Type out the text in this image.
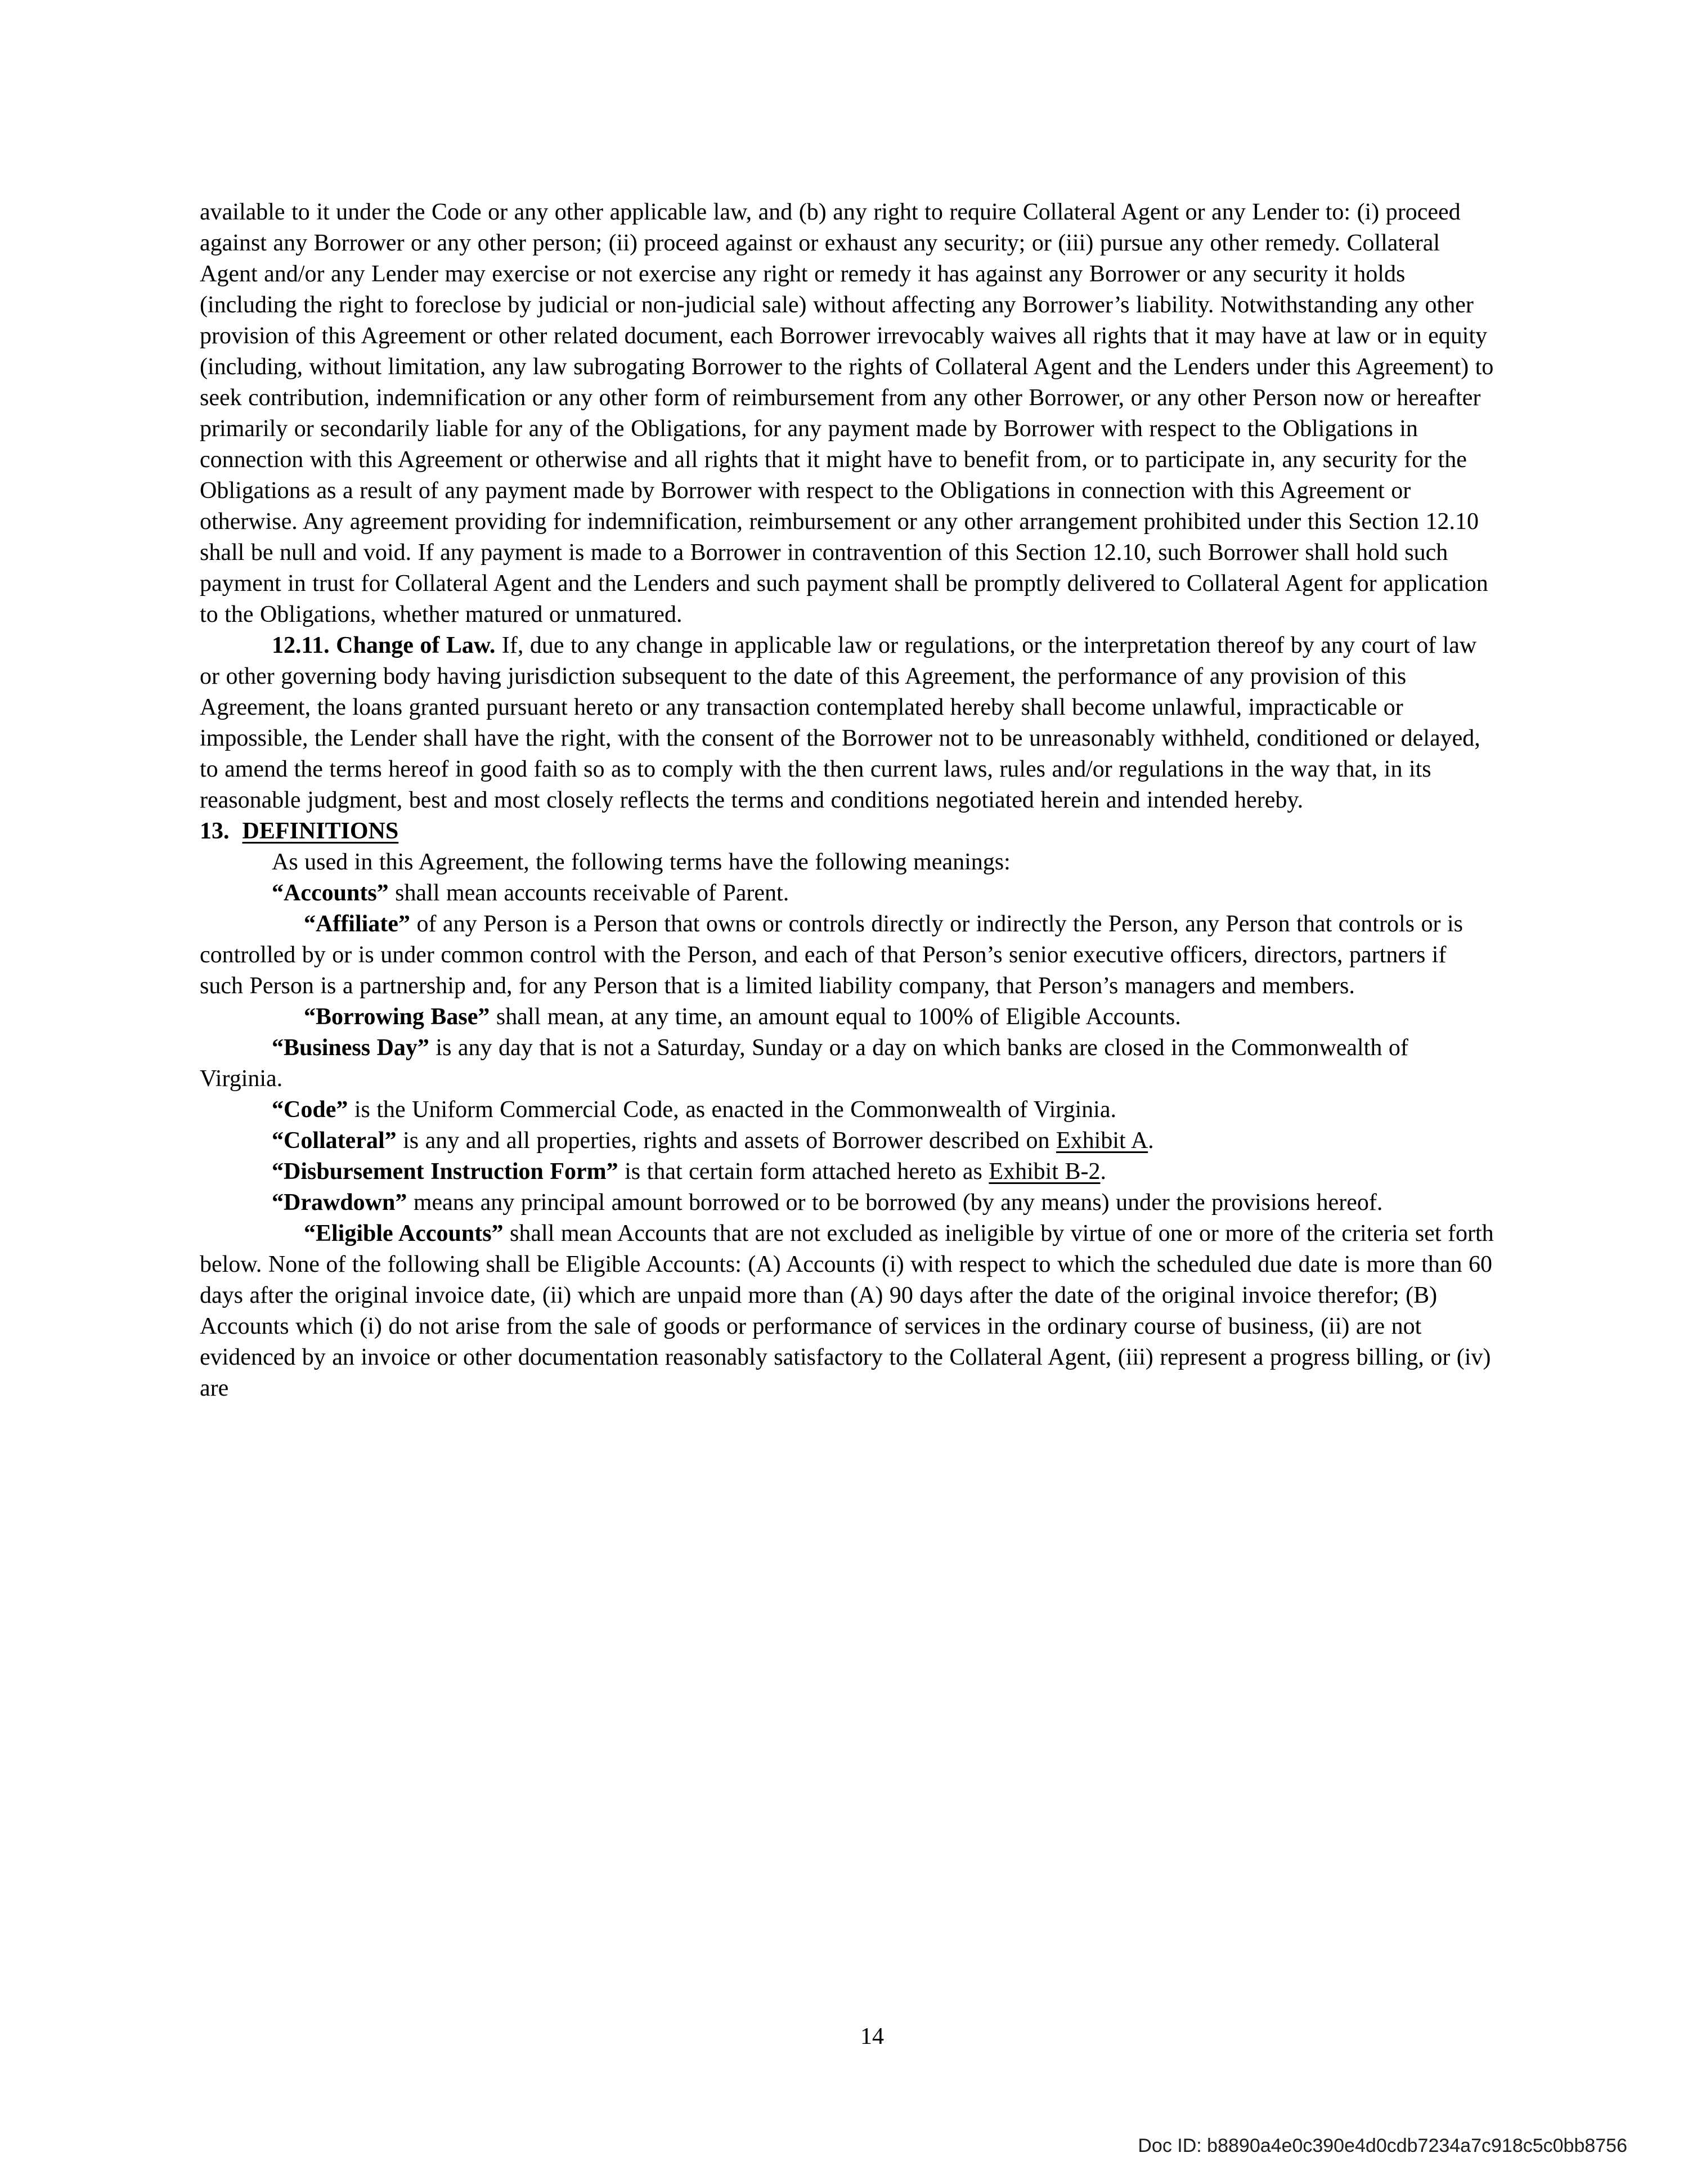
available to it under the Code or any other applicable law, and (b) any right to require Collateral Agent or any Lender to: (i) proceed against any Borrower or any other person; (ii) proceed against or exhaust any security; or (iii) pursue any other remedy. Collateral Agent and/or any Lender may exercise or not exercise any right or remedy it has against any Borrower or any security it holds (including the right to foreclose by judicial or non-judicial sale) without affecting any Borrower’s liability. Notwithstanding any other provision of this Agreement or other related document, each Borrower irrevocably waives all rights that it may have at law or in equity (including, without limitation, any law subrogating Borrower to the rights of Collateral Agent and the Lenders under this Agreement) to seek contribution, indemnification or any other form of reimbursement from any other Borrower, or any other Person now or hereafter primarily or secondarily liable for any of the Obligations, for any payment made by Borrower with respect to the Obligations in connection with this Agreement or otherwise and all rights that it might have to benefit from, or to participate in, any security for the Obligations as a result of any payment made by Borrower with respect to the Obligations in connection with this Agreement or otherwise. Any agreement providing for indemnification, reimbursement or any other arrangement prohibited under this Section 12.10 shall be null and void. If any payment is made to a Borrower in contravention of this Section 12.10, such Borrower shall hold such payment in trust for Collateral Agent and the Lenders and such payment shall be promptly delivered to Collateral Agent for application to the Obligations, whether matured or unmatured.

12.11. Change of Law. If, due to any change in applicable law or regulations, or the interpretation thereof by any court of law or other governing body having jurisdiction subsequent to the date of this Agreement, the performance of any provision of this Agreement, the loans granted pursuant hereto or any transaction contemplated hereby shall become unlawful, impracticable or impossible, the Lender shall have the right, with the consent of the Borrower not to be unreasonably withheld, conditioned or delayed, to amend the terms hereof in good faith so as to comply with the then current laws, rules and/or regulations in the way that, in its reasonable judgment, best and most closely reflects the terms and conditions negotiated herein and intended hereby.

13.  DEFINITIONS

As used in this Agreement, the following terms have the following meanings:

“Accounts” shall mean accounts receivable of Parent.

“Affiliate” of any Person is a Person that owns or controls directly or indirectly the Person, any Person that controls or is controlled by or is under common control with the Person, and each of that Person’s senior executive officers, directors, partners if such Person is a partnership and, for any Person that is a limited liability company, that Person’s managers and members.

“Borrowing Base” shall mean, at any time, an amount equal to 100% of Eligible Accounts.

“Business Day” is any day that is not a Saturday, Sunday or a day on which banks are closed in the Commonwealth of Virginia.

“Code” is the Uniform Commercial Code, as enacted in the Commonwealth of Virginia.

“Collateral” is any and all properties, rights and assets of Borrower described on Exhibit A.

“Disbursement Instruction Form” is that certain form attached hereto as Exhibit B-2.

“Drawdown” means any principal amount borrowed or to be borrowed (by any means) under the provisions hereof.

“Eligible Accounts” shall mean Accounts that are not excluded as ineligible by virtue of one or more of the criteria set forth below. None of the following shall be Eligible Accounts: (A) Accounts (i) with respect to which the scheduled due date is more than 60 days after the original invoice date, (ii) which are unpaid more than (A) 90 days after the date of the original invoice therefor; (B) Accounts which (i) do not arise from the sale of goods or performance of services in the ordinary course of business, (ii) are not evidenced by an invoice or other documentation reasonably satisfactory to the Collateral Agent, (iii) represent a progress billing, or (iv) are

14
Doc ID: b8890a4e0c390e4d0cdb7234a7c918c5c0bb8756
